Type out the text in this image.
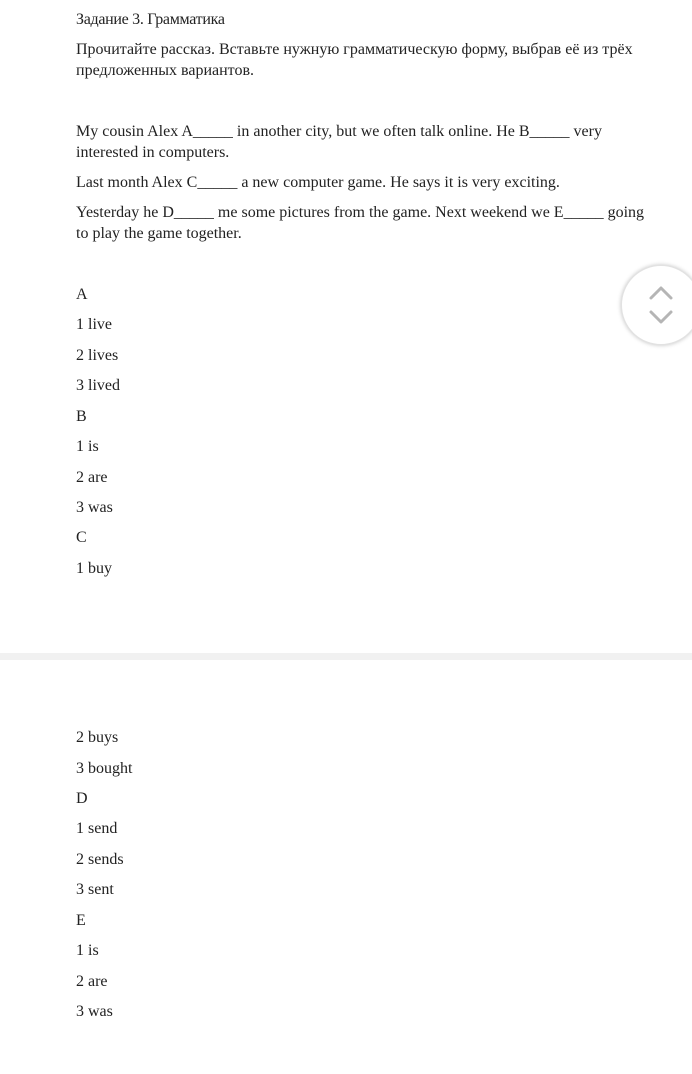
Задание 3. Грамматика

Прочитайте рассказ. Вставьте нужную грамматическую форму, выбрав её из трёх предложенных вариантов.

My cousin Alex A_____ in another city, but we often talk online. He B_____ very interested in computers.

Last month Alex C_____ a new computer game. He says it is very exciting.

Yesterday he D_____ me some pictures from the game. Next weekend we E_____ going to play the game together.

A

1 live

2 lives

3 lived

B

1 is

2 are

3 was

C

1 buy

2 buys

3 bought

D

1 send

2 sends

3 sent

E

1 is

2 are

3 was
